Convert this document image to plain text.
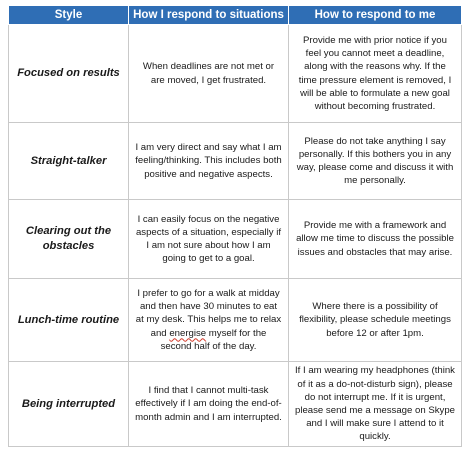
Style	How I respond to situations	How to respond to me
Focused on results	When deadlines are not met or are moved, I get frustrated.	Provide me with prior notice if you feel you cannot meet a deadline, along with the reasons why. If the time pressure element is removed, I will be able to formulate a new goal without becoming frustrated.
Straight-talker	I am very direct and say what I am feeling/thinking. This includes both positive and negative aspects.	Please do not take anything I say personally. If this bothers you in any way, please come and discuss it with me personally.
Clearing out the obstacles	I can easily focus on the negative aspects of a situation, especially if I am not sure about how I am going to get to a goal.	Provide me with a framework and allow me time to discuss the possible issues and obstacles that may arise.
Lunch-time routine	I prefer to go for a walk at midday and then have 30 minutes to eat at my desk. This helps me to relax and energise myself for the second half of the day.	Where there is a possibility of flexibility, please schedule meetings before 12 or after 1pm.
Being interrupted	I find that I cannot multi-task effectively if I am doing the end-of-month admin and I am interrupted.	If I am wearing my headphones (think of it as a do-not-disturb sign), please do not interrupt me. If it is urgent, please send me a message on Skype and I will make sure I attend to it quickly.
